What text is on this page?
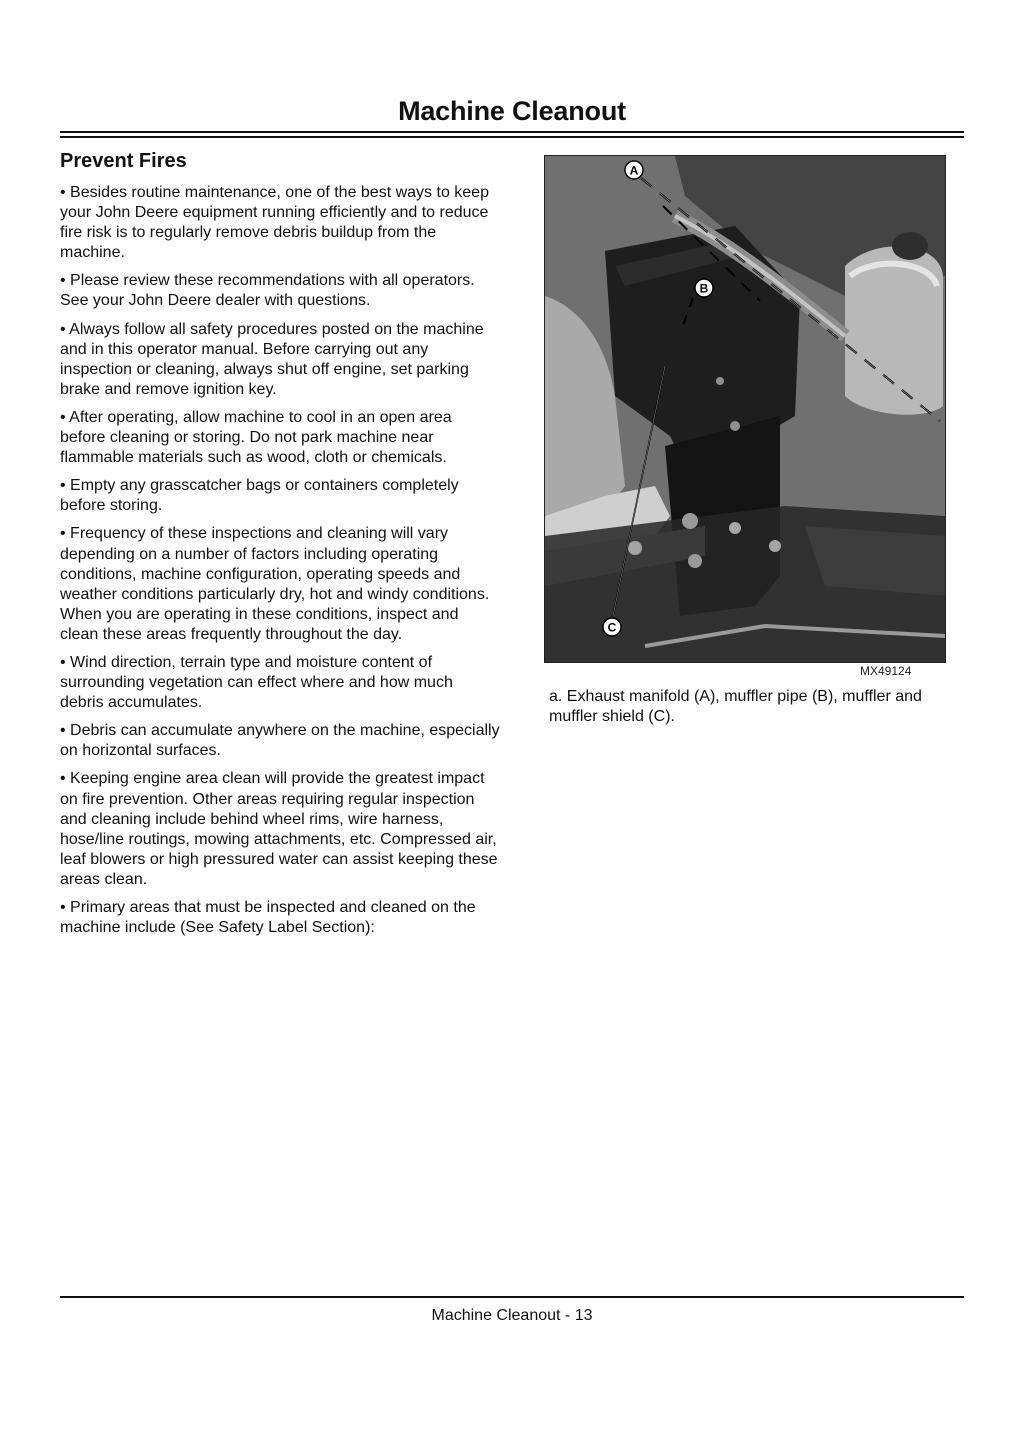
Machine Cleanout
Prevent Fires

• Besides routine maintenance, one of the best ways to keep your John Deere equipment running efficiently and to reduce fire risk is to regularly remove debris buildup from the machine.

• Please review these recommendations with all operators. See your John Deere dealer with questions.

• Always follow all safety procedures posted on the machine and in this operator manual. Before carrying out any inspection or cleaning, always shut off engine, set parking brake and remove ignition key.

• After operating, allow machine to cool in an open area before cleaning or storing. Do not park machine near flammable materials such as wood, cloth or chemicals.

• Empty any grasscatcher bags or containers completely before storing.

• Frequency of these inspections and cleaning will vary depending on a number of factors including operating conditions, machine configuration, operating speeds and weather conditions particularly dry, hot and windy conditions. When you are operating in these conditions, inspect and clean these areas frequently throughout the day.

• Wind direction, terrain type and moisture content of surrounding vegetation can effect where and how much debris accumulates.

• Debris can accumulate anywhere on the machine, especially on horizontal surfaces.

• Keeping engine area clean will provide the greatest impact on fire prevention. Other areas requiring regular inspection and cleaning include behind wheel rims, wire harness, hose/line routings, mowing attachments, etc. Compressed air, leaf blowers or high pressured water can assist keeping these areas clean.

• Primary areas that must be inspected and cleaned on the machine include (See Safety Label Section):

A
B
C
MX49124
a. Exhaust manifold (A), muffler pipe (B), muffler and muffler shield (C).
Machine Cleanout - 13
